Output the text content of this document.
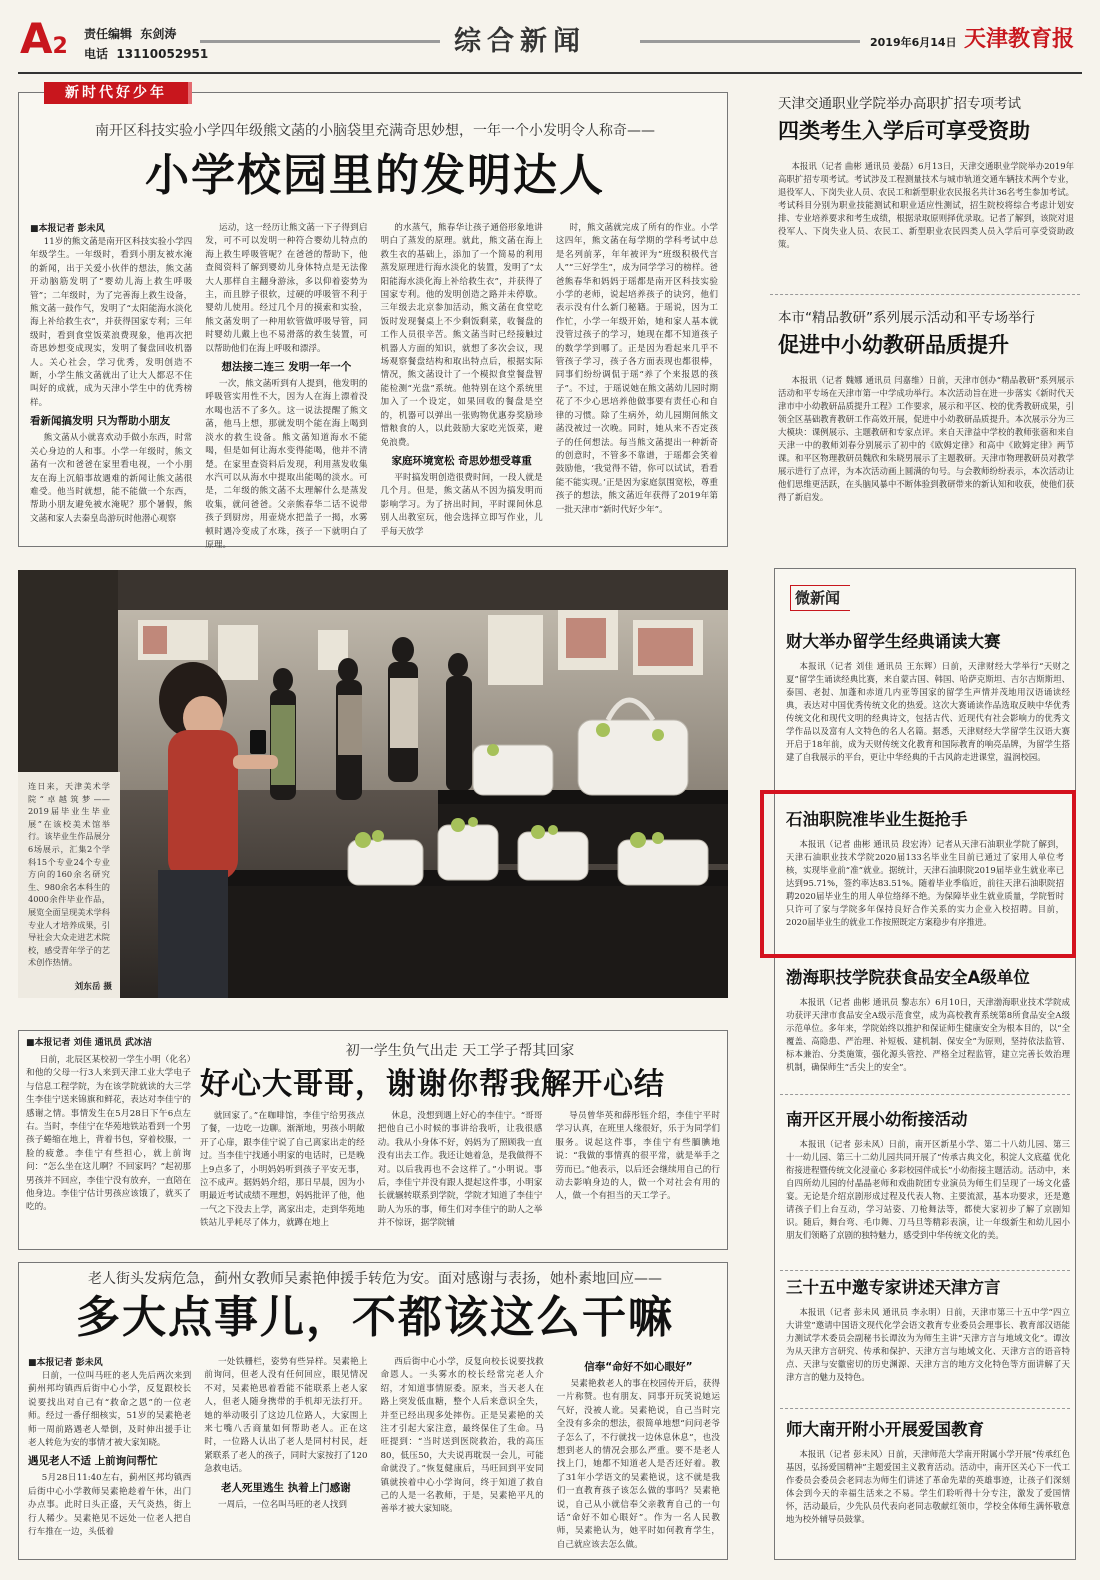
A2 责任编辑 东剑涛
电话 13110052951	综合新闻	2019年6月14日 天津教育报
新时代好少年
南开区科技实验小学四年级熊文菡的小脑袋里充满奇思妙想，一年一个小发明令人称奇——
小学校园里的发明达人
■本报记者 彭未风

11岁的熊文菡是南开区科技实验小学四年级学生。一年级时，看到小朋友被水淹的新闻，出于关爱小伙伴的想法，熊文菡开动脑筋发明了“婴幼儿海上救生呼吸管”；二年级时，为了完善海上救生设备，熊文菡一鼓作气，发明了“太阳能海水淡化海上补给救生衣”，并获得国家专利；三年级时，看到食堂饭菜浪费现象，他再次把奇思妙想变成现实，发明了餐盘回收机器人。关心社会，学习优秀，发明创造不断，小学生熊文菡就出了让大人都忍不住叫好的成就，成为天津小学生中的优秀榜样。

看新闻搞发明 只为帮助小朋友

熊文菡从小就喜欢动手做小东西，时常关心身边的人和事。小学一年级时，熊文菡有一次和爸爸在家里看电视，一个小朋友在海上沉船事故遇难的新闻让熊文菡很难受。他当时就想，能不能做一个东西，帮助小朋友避免被水淹呢？那个暑假，熊文菡和家人去秦皇岛游玩时他潜心观察

运动，这一经历让熊文菡一下子得到启发，可不可以发明一种符合婴幼儿特点的海上救生呼吸管呢？在爸爸的帮助下，他查阅资料了解到婴幼儿身体特点是无法像大人那样自主翻身游泳，多以仰着姿势为主，而且脖子很软，过硬的呼吸管不利于婴幼儿使用。经过几个月的摸索和实验，熊文菡发明了一种用软管做呼吸导管，同时婴幼儿戴上也不易滑落的救生装置，可以帮助他们在海上呼吸和漂浮。

想法接二连三 发明一年一个

一次，熊文菡听到有人提到，他发明的呼吸管实用性不大，因为人在海上漂着没水喝也活不了多久。这一说法提醒了熊文菡，他马上想，那就发明个能在海上喝到淡水的救生设备。熊文菡知道海水不能喝，但是如何让海水变得能喝，他并不清楚。在家里查资料后发现，利用蒸发收集水汽可以从海水中提取出能喝的淡水。可是，二年级的熊文菡不太理解什么是蒸发收集，就问爸爸。父亲熊春华二话不说带孩子到厨房，用壶烧水把盖子一揭，水雾顿时遇冷变成了水珠，孩子一下就明白了原理。

的水蒸气，熊春华让孩子通俗形象地讲明白了蒸发的原理。就此，熊文菡在海上救生衣的基础上，添加了一个简易的利用蒸发原理进行海水淡化的装置，发明了“太阳能海水淡化海上补给救生衣”，并获得了国家专利。他的发明创造之路并未停歇。三年级去北京参加活动，熊文菡在食堂吃饭时发现餐桌上不少剩饭剩菜，收餐盘的工作人员很辛苦。熊文菡当时已经接触过机器人方面的知识，就想了多次会议，现场观察餐盘结构和取出特点后，根据实际情况，熊文菡设计了一个模拟食堂餐盘智能检测“光盘”系统。他特别在这个系统里加入了一个设定，如果回收的餐盘是空的，机器可以弹出一张购物优惠券奖励珍惜粮食的人，以此鼓励大家吃光饭菜，避免浪费。

家庭环境宽松 奇思妙想受尊重

平时搞发明创造很费时间，一段人就是几个月。但是，熊文菡从不因为搞发明而影响学习。为了挤出时间，平时课间休息别人出教室玩，他会选择立即写作业，儿乎每天放学

时，熊文菡就完成了所有的作业。小学这四年，熊文菡在每学期的学科考试中总是名列前茅，年年被评为“班级积极代言人”“三好学生”，成为同学学习的榜样。爸爸熊春华和妈妈于瑶都是南开区科技实验小学的老师，说起培养孩子的诀窍，他们表示没有什么新门秘籍。于瑶说，因为工作忙，小学一年级开始，她和家人基本就没管过孩子的学习，她现在都不知道孩子的数学学到哪了。正是因为看起来几乎不管孩子学习，孩子各方面表现也都很棒，同事们纷纷调侃于瑶“养了个来报恩的孩子”。不过，于瑶说她在熊文菡幼儿园时期花了不少心思培养他做事要有责任心和自律的习惯。除了生病外，幼儿园期间熊文菡没被过一次晚。同时，她从来不否定孩子的任何想法。每当熊文菡提出一种新奇的创意时，不管多不靠谱，于瑶都会笑着鼓励他，‘我觉得不错，你可以试试，看看能不能实现。’正是因为家庭氛围宽松，尊重孩子的想法，熊文菡近年获得了2019年第一批天津市“新时代好少年”。

连日来，天津美术学院“卓越筑梦——2019届毕业生毕业展”在该校美术馆举行。该毕业生作品展分6场展示，汇集2个学科15个专业24个专业方向的160余名研究生、980余名本科生的4000余件毕业作品，展览全面呈现美术学科专业人才培养成果，引导社会大众走进艺术院校，感受青年学子的艺术创作热情。
刘东岳 摄
■本报记者 刘佳 通讯员 武冰洁	初一学生负气出走 天工学子帮其回家
好心大哥哥，谢谢你帮我解开心结

日前，北辰区某校初一学生小明（化名）和他的父母一行3人来到天津工业大学电子与信息工程学院，为在该学院就读的大三学生李佳宁送来锦旗和鲜花，表达对李佳宁的感谢之情。事情发生在5月28日下午6点左右。当时，李佳宁在华苑地铁站看到一个男孩子蜷缩在地上，背着书包，穿着校服，一脸的疲惫。李佳宁有些担心，就上前询问：“怎么坐在这儿啊？不回家吗？”起初那男孩并不回应，李佳宁没有放弃，一直陪在他身边。李佳宁估计男孩应该饿了，就买了吃的。

就回家了。”在咖啡馆，李佳宁给男孩点了餐，一边吃一边聊。渐渐地，男孩小明敞开了心扉，跟李佳宁说了自己离家出走的经过。当李佳宁找通小明家的电话时，已是晚上9点多了，小明妈妈听到孩子平安无事，泣不成声。据妈妈介绍，那日早晨，因为小明最近考试成绩不理想，妈妈批评了他，他一气之下没去上学，离家出走，走到华苑地铁站儿乎耗尽了体力，就蹲在地上

休息，没想到遇上好心的李佳宁。“哥哥把他自己小时候的事讲给我听，让我很感动。我从小身体不好，妈妈为了照顾我一直没有出去工作。我还让她着急，是我做得不对。以后我再也不会这样了。”小明说。事后，李佳宁并没有跟人提起这件事，小明家长就辗转联系到学院，学院才知道了李佳宁助人为乐的事，师生们对李佳宁的助人之举并不惊讶，据学院辅

导员曾华英和薛彤钰介绍，李佳宁平时学习认真，在班里人缘很好，乐于为同学们服务。说起这件事，李佳宁有些腼腆地说：“我做的事情真的很平常，就是举手之劳而已。”他表示，以后还会继续用自己的行动去影响身边的人，做一个对社会有用的人，做一个有担当的天工学子。

老人街头发病危急，蓟州女教师吴素艳伸援手转危为安。面对感谢与表扬，她朴素地回应——
多大点事儿，不都该这么干嘛
■本报记者 彭未风

日前，一位叫马旺的老人先后两次来到蓟州邦均镇西后街中心小学，反复跟校长说要找出对自己有“救命之恩”的一位老师。经过一番仔细核实，51岁的吴素艳老师一周前路遇老人晕倒，及时伸出援手让老人转危为安的事情才被大家知晓。

遇见老人不适 上前询问帮忙

5月28日11:40左右，蓟州区邦均镇西后街中心小学教师吴素艳趁着午休，出门办点事。此时日头正盛，天气炎热，街上行人稀少。吴素艳见不远处一位老人把自行车推在一边，头低着

一处铁栅栏，姿势有些异样。吴素艳上前询问，但老人没有任何回应，眼见情况不对，吴素艳思着看能不能联系上老人家人，但老人随身携带的手机却无法打开。她的举动吸引了这边几位路人，大家围上来七嘴八舌商量如何帮助老人。正在这时，一位路人认出了老人是同村村民，赶紧联系了老人的孩子，同时大家按打了120急救电话。

老人死里逃生 执着上门感谢

一周后，一位名叫马旺的老人找到

西后街中心小学，反复向校长说要找救命恩人。一头雾水的校长经常完老人介绍，才知道事情原委。原来，当天老人在路上突发低血糖，整个人后来意识全失，并至已经出现多处摔伤。正是吴素艳的关注才引起大家注意，最终保住了生命。马旺提到：“当时送到医院救治，我的高压80，低压50，大夫说再耽误一会儿，可能命就没了。”恢复健康后，马旺回到平安同镇就挨着中心小学询问，终于知道了救自己的人是一名教师，于是，吴素艳平凡的善举才被大家知晓。

信奉“命好不如心眼好”

吴素艳救老人的事在校园传开后，获得一片称赞。也有朋友、同事开玩笑说她运气好，没被人讹。吴素艳说，自己当时完全没有多余的想法，很简单地想“问问老爷子怎么了，不行就找一边休息休息”，也没想到老人的情况会那么严重。要不是老人找上门，她都不知道老人是否还好着。教了31年小学语文的吴素艳说，这不就是我们一直教育孩子该怎么做的事吗？吴素艳说，自己从小就信奉父亲教育自己的一句话“命好不如心眼好”。作为一名人民教师，吴素艳认为，她平时如何教育学生，自己就应该去怎么做。

天津交通职业学院举办高职扩招专项考试
四类考生入学后可享受资助

本报讯（记者 曲彬 通讯员 姜磊）6月13日，天津交通职业学院举办2019年高职扩招专项考试。考试涉及工程测量技术与城市轨道交通车辆技术两个专业，退役军人、下岗失业人员、农民工和新型职业农民报名共计36名考生参加考试。考试科目分别为职业技能测试和职业适应性测试，招生院校将综合考虑计划安排、专业培养要求和考生成绩，根据录取原则择优录取。记者了解到，该院对退役军人、下岗失业人员、农民工、新型职业农民四类人员入学后可享受资助政策。

本市“精品教研”系列展示活动和平专场举行
促进中小幼教研品质提升

本报讯（记者 魏娜 通讯员 闫嘉维）日前，天津市创办“精品教研”系列展示活动和平专场在天津市第一中学成功举行。本次活动旨在进一步落实《新时代天津市中小幼教研品质提升工程》工作要求，展示和平区、校的优秀教研成果，引领全区基础教育教研工作高效开展，促进中小幼教研品质提升。本次展示分为三大模块：课例展示、主题教研和专家点评。来自天津益中学校的教师张蓿和来自天津一中的教师刘春分别展示了初中的《欧姆定律》和高中《欧姆定律》两节课。和平区物理教研员魏欣和朱晓男展示了主题教研。天津市物理教研员对教学展示进行了点评，为本次活动画上圆满的句号。与会教师纷纷表示，本次活动让他们思维更活跃，在头脑风暴中不断体验到教研带来的新认知和收获，使他们获得了新启发。

微新闻
财大举办留学生经典诵读大赛

本报讯（记者 刘佳 通讯员 王东辉）日前，天津财经大学举行“天财之夏”留学生诵读经典比赛，来自蒙古国、韩国、哈萨克斯坦、吉尔吉斯斯坦、泰国、老挝、加蓬和赤道几内亚等国家的留学生声情并茂地用汉语诵读经典，表达对中国优秀传统文化的热爱。这次大赛诵读作品选取反映中华优秀传统文化和现代文明的经典诗文，包括古代、近现代有社会影响力的优秀文学作品以及富有人文特色的名人名篇。据悉，天津财经大学留学生汉语大赛开启于18年前，成为天财传统文化教育和国际教育的响亮品牌，为留学生搭建了自我展示的平台，更让中华经典的千古风韵走进课堂，温润校园。

石油职院准毕业生挺抢手

本报讯（记者 曲彬 通讯员 段宏涛）记者从天津石油职业学院了解到，天津石油职业技术学院2020届133名毕业生目前已通过了家用人单位考核，实现毕业前“准”就业。据统计，天津石油职院2019届毕业生就业率已达到95.71%，签约率达83.51%。随着毕业季临近，前往天津石油职院招聘2020届毕业生的用人单位络绎不绝。为保障毕业生就业质量，学院暂时只许可了家与学院多年保持良好合作关系的实力企业入校招聘。目前，2020届毕业生的就业工作按照既定方案稳步有序推进。

渤海职技学院获食品安全A级单位

本报讯（记者 曲彬 通讯员 黎志东）6月10日，天津渤海职业技术学院成功获评天津市食品安全A级示范食堂，成为高校教育系统第8所食品安全A级示范单位。多年来，学院始终以推护和保证师生健康安全为根本目的，以“全覆盖、高隐患、严治理、补短板、建机制、保安全”为原则，坚持依法监管、标本兼治、分类施策，强化源头管控、严格全过程监管，建立完善长效治理机制，确保师生“舌尖上的安全”。

南开区开展小幼衔接活动

本报讯（记者 彭未风）日前，南开区新星小学、第二十八幼儿园、第三十一幼儿园、第三十二幼儿园共同开展了“传承古典文化，积淀人文底蕴 优化衔接进程暨传统文化浸童心 多彩校园伴成长”小幼衔接主题活动。活动中，来自四所幼儿园的付晶晶老师和戏曲院团专业演员为师生们呈现了一场文化盛宴。无论是介绍京剧形成过程及代表人物、主要流派，基本功要求，还是邀请孩子们上台互动，学习站姿、刀枪舞法等，都使大家初步了解了京剧知识。随后，舞台弯、毛巾舞、刀马旦等精彩表演，让一年级新生和幼儿园小朋友们领略了京剧的独特魅力，感受到中华传统文化的美。

三十五中邀专家讲述天津方言

本报讯（记者 彭未风 通讯员 李永明）日前，天津市第三十五中学“四立大讲堂”邀请中国语文现代化学会语文教育专业委员会理事长、教育部汉语能力测试学术委员会副秘书长谭汝为为师生主讲“天津方言与地域文化”。谭汝为从天津方言研究、传承和保护、天津方言与地域文化、天津方言的语音特点、天津与安徽密切的历史渊源、天津方言的地方文化特色等方面讲解了天津方言的魅力及特色。

师大南开附小开展爱国教育

本报讯（记者 彭未风）日前，天津师范大学南开附属小学开展“传承红色基因，弘扬爱国精神”主题爱国主义教育活动。活动中，南开区关心下一代工作委员会委员会老同志为师生们讲述了革命先辈的英雄事迹，让孩子们深刻体会到今天的幸福生活来之不易。学生们聆听得十分专注，激发了爱国情怀，活动最后，少先队员代表向老同志敬献红领巾，学校全体师生满怀敬意地为校外辅导员鼓掌。
